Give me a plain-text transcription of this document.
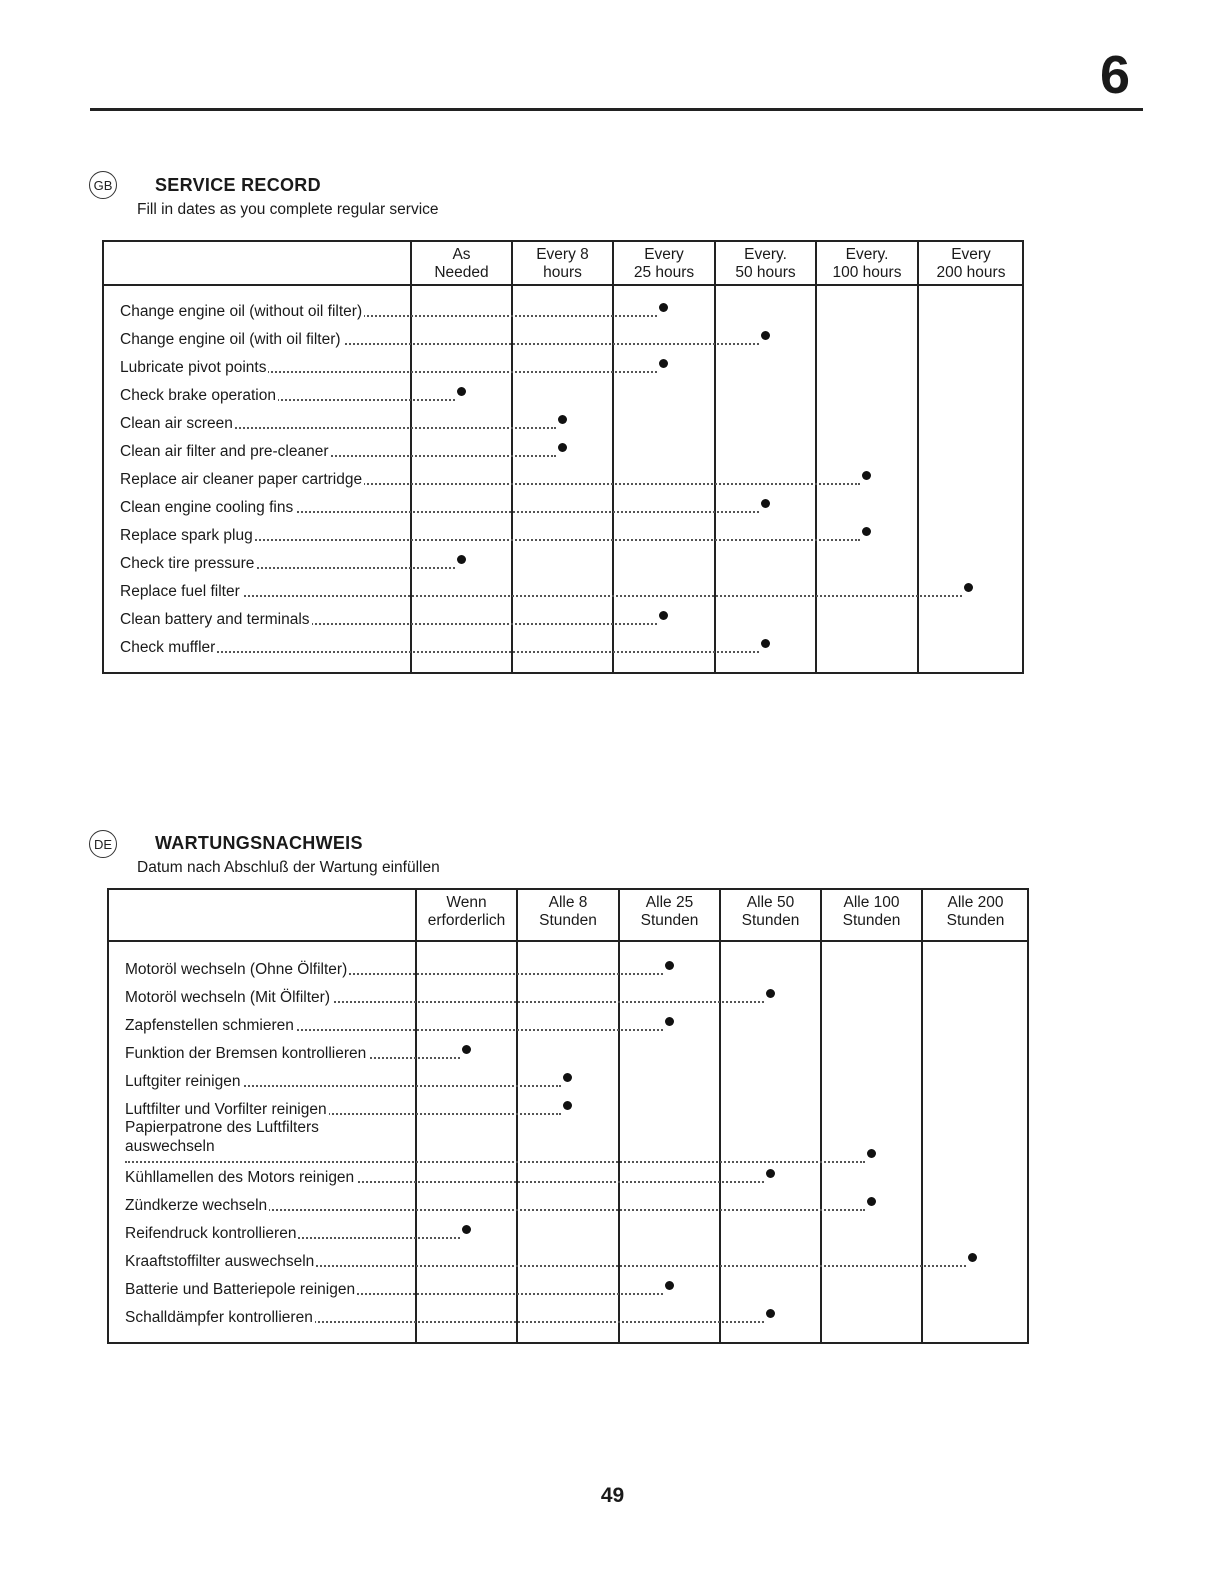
6
GB SERVICE RECORD
Fill in dates as you complete regular service
As
Needed
Every 8
hours
Every
25 hours
Every.
50 hours
Every.
100 hours
Every
200 hours
Change engine oil (without oil filter)
Change engine oil (with oil filter)
Lubricate pivot points
Check brake operation
Clean air screen
Clean air filter and pre-cleaner
Replace air cleaner paper cartridge
Clean engine cooling fins
Replace spark plug
Check tire pressure
Replace fuel filter
Clean battery and terminals
Check muffler
DE WARTUNGSNACHWEIS
Datum nach Abschluß der Wartung einfüllen
Wenn
erforderlich
Alle 8
Stunden
Alle 25
Stunden
Alle 50
Stunden
Alle 100
Stunden
Alle 200
Stunden
Motoröl wechseln (Ohne Ölfilter)
Motoröl wechseln (Mit Ölfilter)
Zapfenstellen schmieren
Funktion der Bremsen kontrollieren
Luftgiter reinigen
Luftfilter und Vorfilter reinigen
Papierpatrone des Luftfilters
auswechseln
Kühllamellen des Motors reinigen
Zündkerze wechseln
Reifendruck kontrollieren
Kraaftstoffilter auswechseln
Batterie und Batteriepole reinigen
Schalldämpfer kontrollieren
49
